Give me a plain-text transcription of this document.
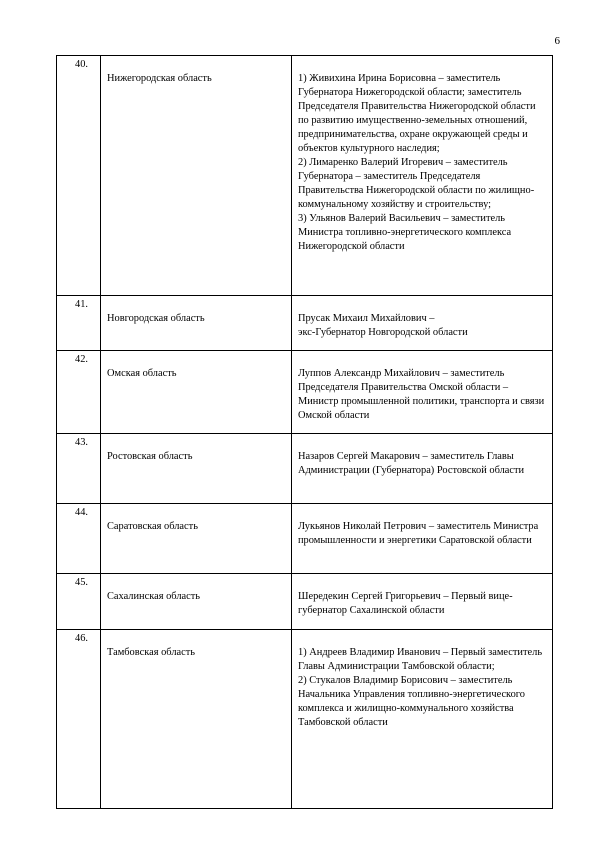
6
40.	Нижегородская область	1) Живихина Ирина Борисовна – заместитель Губернатора Нижегородской области; заместитель Председателя Правительства Нижегородской области по развитию имущественно-земельных отношений, предпринимательства, охране окружающей среды и объектов культурного наследия;
2) Лимаренко Валерий Игоревич – заместитель Губернатора – заместитель Председателя Правительства Нижегородской области по жилищно-коммунальному хозяйству и строительству;
3) Ульянов Валерий Васильевич – заместитель Министра топливно-энергетического комплекса Нижегородской области

41.	Новгородская область	Прусак Михаил Михайлович –
экс-Губернатор Новгородской области

42.	Омская область	Луппов Александр Михайлович – заместитель Председателя Правительства Омской области – Министр промышленной политики, транспорта и связи Омской области

43.	Ростовская область	Назаров Сергей Макарович – заместитель Главы Администрации (Губернатора) Ростовской области

44.	Саратовская область	Лукьянов Николай Петрович – заместитель Министра промышленности и энергетики Саратовской области

45.	Сахалинская область	Шередекин Сергей Григорьевич – Первый вице-губернатор Сахалинской области

46.	Тамбовская область	1) Андреев Владимир Иванович – Первый заместитель Главы Администрации Тамбовской области;
2) Стукалов Владимир Борисович – заместитель Начальника Управления топливно-энергетического комплекса и жилищно-коммунального хозяйства Тамбовской области
